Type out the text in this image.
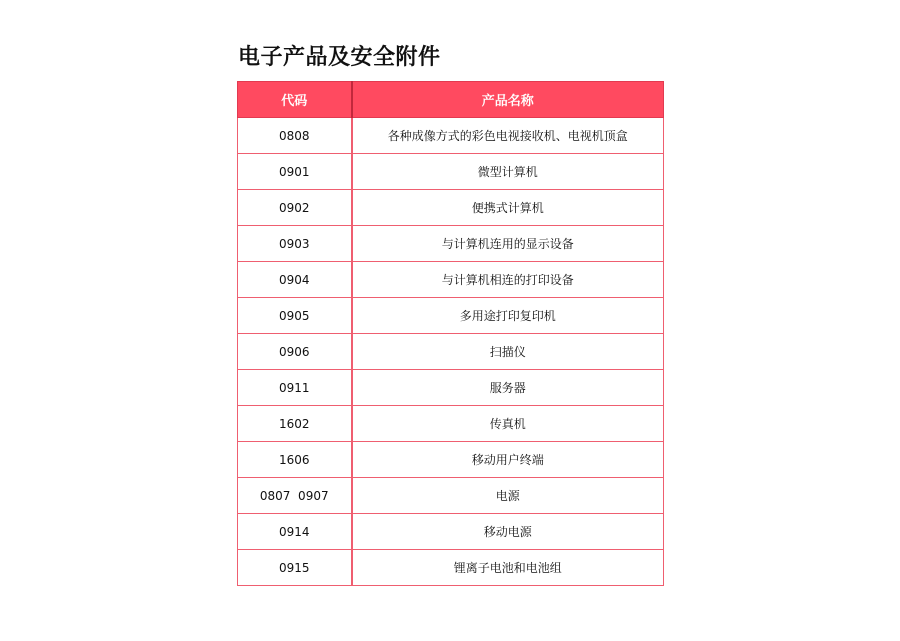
电子产品及安全附件
代码	产品名称
0808	各种成像方式的彩色电视接收机、电视机顶盒
0901	微型计算机
0902	便携式计算机
0903	与计算机连用的显示设备
0904	与计算机相连的打印设备
0905	多用途打印复印机
0906	扫描仪
0911	服务器
1602	传真机
1606	移动用户终端
0807  0907	电源
0914	移动电源
0915	锂离子电池和电池组
